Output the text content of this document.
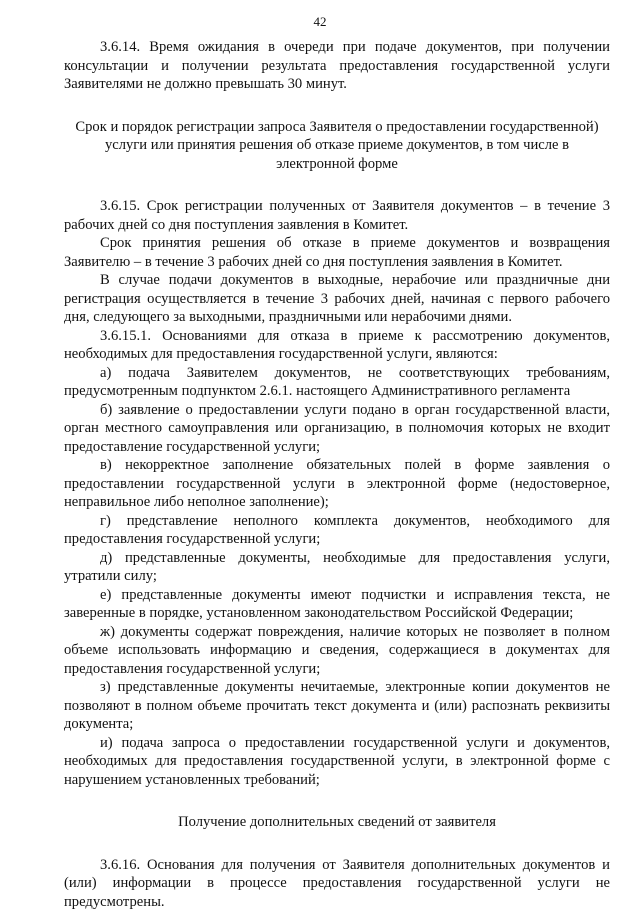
42

3.6.14. Время ожидания в очереди при подаче документов, при получении консультации и получении результата предоставления государственной услуги Заявителями не должно превышать 30 минут.

Срок и порядок регистрации запроса Заявителя о предоставлении государственной) услуги или принятия решения об отказе приеме документов, в том числе в электронной форме

3.6.15. Срок регистрации полученных от Заявителя документов – в течение 3 рабочих дней со дня поступления заявления в Комитет.

Срок принятия решения об отказе в приеме документов и возвращения Заявителю – в течение 3 рабочих дней со дня поступления заявления в Комитет.

В случае подачи документов в выходные, нерабочие или праздничные дни регистрация осуществляется в течение 3 рабочих дней, начиная с первого рабочего дня, следующего за выходными, праздничными или нерабочими днями.

3.6.15.1. Основаниями для отказа в приеме к рассмотрению документов, необходимых для предоставления государственной услуги, являются:

а) подача Заявителем документов, не соответствующих требованиям, предусмотренным подпунктом 2.6.1. настоящего Административного регламента

б) заявление о предоставлении услуги подано в орган государственной власти, орган местного самоуправления или организацию, в полномочия которых не входит предоставление государственной услуги;

в) некорректное заполнение обязательных полей в форме заявления о предоставлении государственной услуги в электронной форме (недостоверное, неправильное либо неполное заполнение);

г) представление неполного комплекта документов, необходимого для предоставления государственной услуги;

д) представленные документы, необходимые для предоставления услуги, утратили силу;

е) представленные документы имеют подчистки и исправления текста, не заверенные в порядке, установленном законодательством Российской Федерации;

ж) документы содержат повреждения, наличие которых не позволяет в полном объеме использовать информацию и сведения, содержащиеся в документах для предоставления государственной услуги;

з) представленные документы нечитаемые, электронные копии документов не позволяют в полном объеме прочитать текст документа и (или) распознать реквизиты документа;

и) подача запроса о предоставлении государственной услуги и документов, необходимых для предоставления государственной услуги, в электронной форме с нарушением установленных требований;

Получение дополнительных сведений от заявителя

3.6.16. Основания для получения от Заявителя дополнительных документов и (или) информации в процессе предоставления государственной услуги не предусмотрены.
